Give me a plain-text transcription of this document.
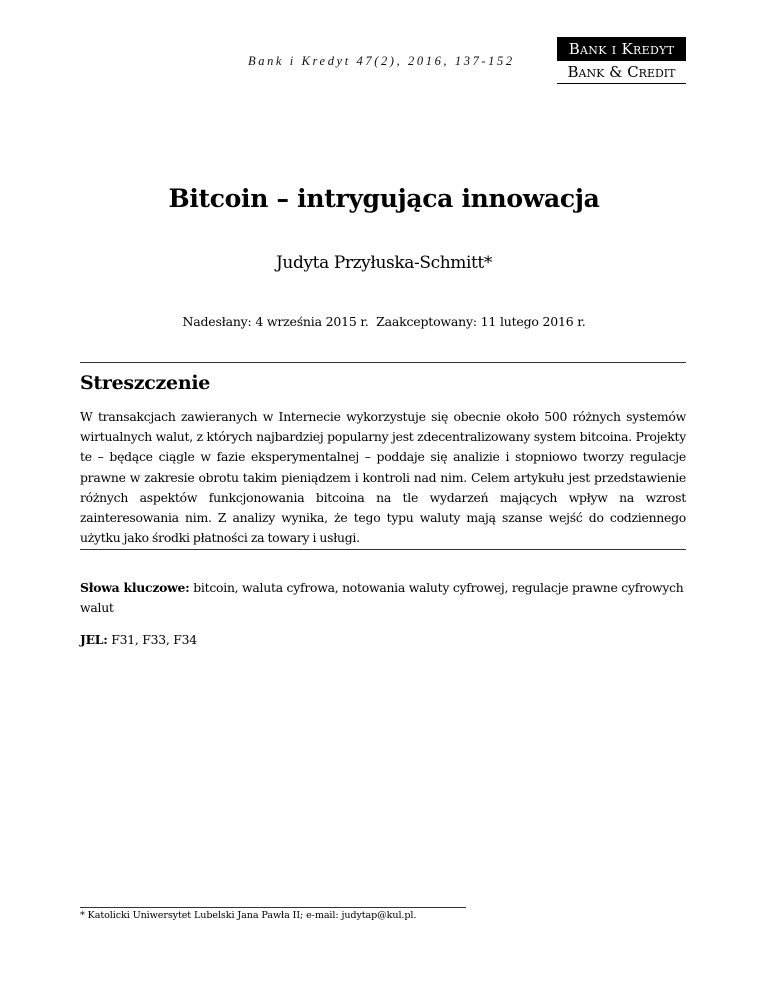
Bank i Kredyt 47(2), 2016, 137-152
Bank i Kredyt
Bank & Credit
Bitcoin – intrygująca innowacja
Judyta Przyłuska-Schmitt*
Nadesłany: 4 września 2015 r. Zaakceptowany: 11 lutego 2016 r.
Streszczenie
W transakcjach zawieranych w Internecie wykorzystuje się obecnie około 500 różnych systemów wirtualnych walut, z których najbardziej popularny jest zdecentralizowany system bitcoina. Projekty te – będące ciągle w fazie eksperymentalnej – poddaje się analizie i stopniowo tworzy regulacje prawne w zakresie obrotu takim pieniądzem i kontroli nad nim. Celem artykułu jest przedstawienie różnych aspektów funkcjonowania bitcoina na tle wydarzeń mających wpływ na wzrost zainteresowania nim. Z analizy wynika, że tego typu waluty mają szanse wejść do codziennego użytku jako środki płatności za towary i usługi.
Słowa kluczowe: bitcoin, waluta cyfrowa, notowania waluty cyfrowej, regulacje prawne cyfrowych walut
JEL: F31, F33, F34
* Katolicki Uniwersytet Lubelski Jana Pawła II; e-mail: judytap@kul.pl.
